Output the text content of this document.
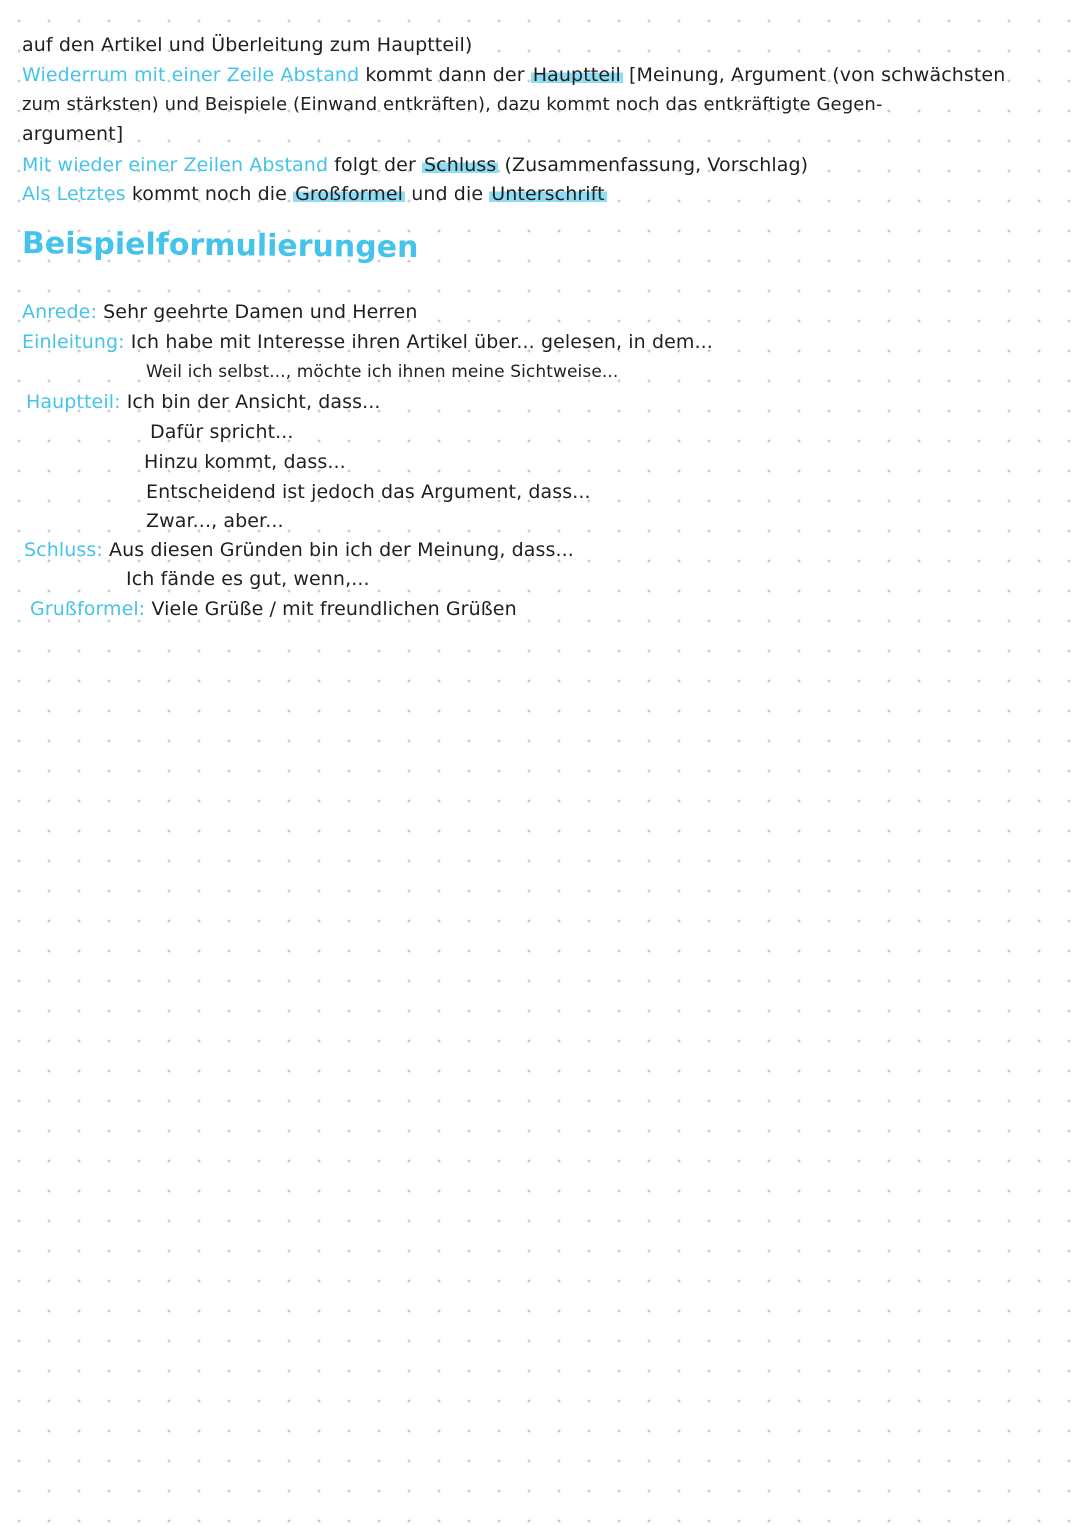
auf den Artikel und Überleitung zum Hauptteil)
Wiederrum mit einer Zeile Abstand kommt dann der Hauptteil [Meinung, Argument (von schwächsten
zum stärksten) und Beispiele (Einwand entkräften), dazu kommt noch das entkräftigte Gegen-
argument]
Mit wieder einer Zeilen Abstand folgt der Schluss (Zusammenfassung, Vorschlag)
Als Letztes kommt noch die Großformel und die Unterschrift
Beispielformulierungen
Anrede: Sehr geehrte Damen und Herren
Einleitung: Ich habe mit Interesse ihren Artikel über... gelesen, in dem...
Weil ich selbst..., möchte ich ihnen meine Sichtweise...
Hauptteil: Ich bin der Ansicht, dass...
Dafür spricht...
Hinzu kommt, dass...
Entscheidend ist jedoch das Argument, dass...
Zwar..., aber...
Schluss: Aus diesen Gründen bin ich der Meinung, dass...
Ich fände es gut, wenn,...
Grußformel: Viele Grüße / mit freundlichen Grüßen
